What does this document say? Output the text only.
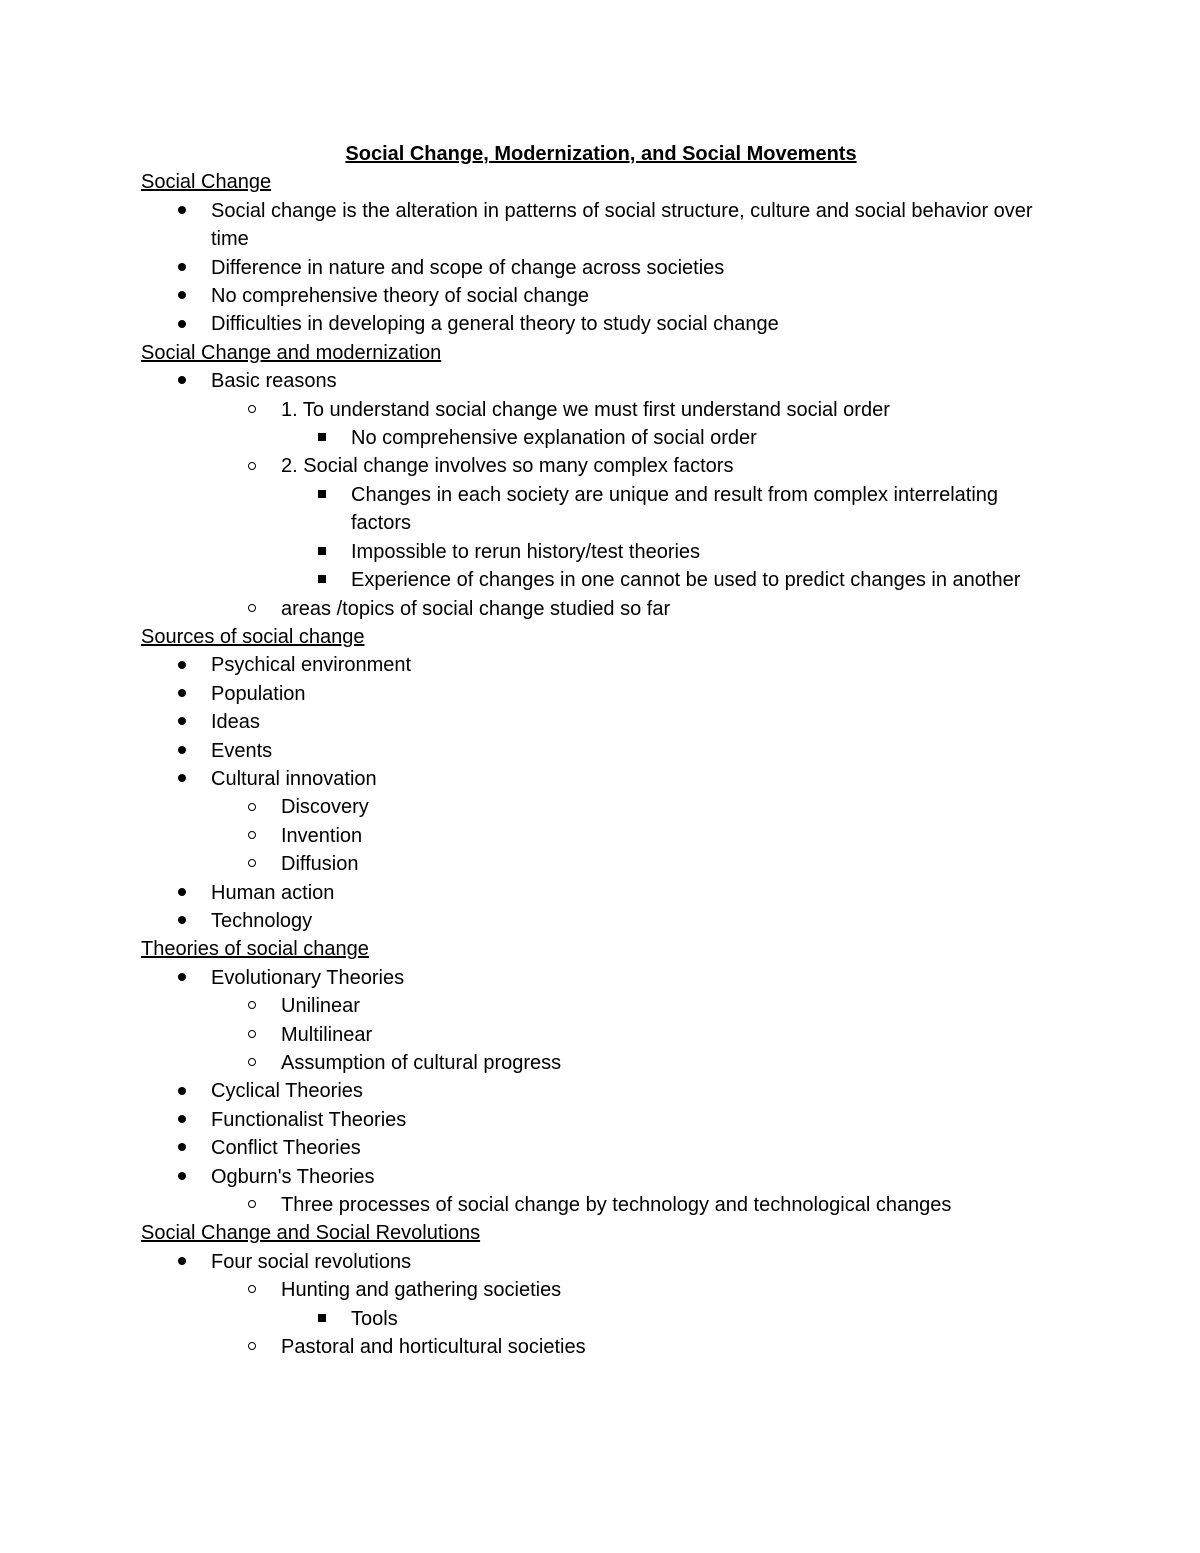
Social Change, Modernization, and Social Movements

Social Change

Social change is the alteration in patterns of social structure, culture and social behavior over time
Difference in nature and scope of change across societies
No comprehensive theory of social change
Difficulties in developing a general theory to study social change

Social Change and modernization

Basic reasons
1. To understand social change we must first understand social order
No comprehensive explanation of social order
2. Social change involves so many complex factors
Changes in each society are unique and result from complex interrelating factors
Impossible to rerun history/test theories
Experience of changes in one cannot be used to predict changes in another
areas /topics of social change studied so far

Sources of social change

Psychical environment
Population
Ideas
Events
Cultural innovation
Discovery
Invention
Diffusion
Human action
Technology

Theories of social change

Evolutionary Theories
Unilinear
Multilinear
Assumption of cultural progress
Cyclical Theories
Functionalist Theories
Conflict Theories
Ogburn's Theories
Three processes of social change by technology and technological changes

Social Change and Social Revolutions

Four social revolutions
Hunting and gathering societies
Tools
Pastoral and horticultural societies
